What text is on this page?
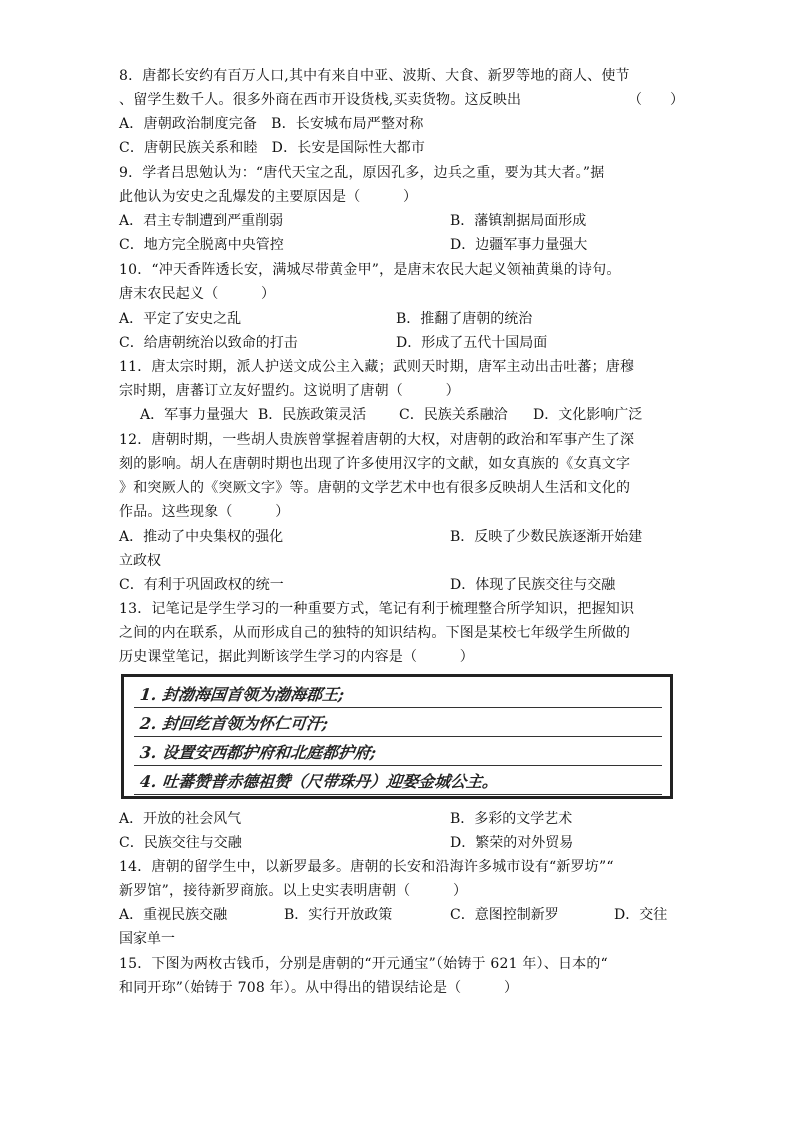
8．唐都长安约有百万人口,其中有来自中亚、波斯、大食、新罗等地的商人、使节
、留学生数千人。很多外商在西市开设货栈,买卖货物。这反映出	（　　）
A．唐朝政治制度完备 B．长安城布局严整对称
C．唐朝民族关系和睦 D．长安是国际性大都市
9．学者吕思勉认为：“唐代天宝之乱，原因孔多，边兵之重，要为其大者。”据
此他认为安史之乱爆发的主要原因是（　　　）
A．君主专制遭到严重削弱	B．藩镇割据局面形成
C．地方完全脱离中央管控	D．边疆军事力量强大
10．“冲天香阵透长安，满城尽带黄金甲”，是唐末农民大起义领袖黄巢的诗句。
唐末农民起义（　　　）
A．平定了安史之乱	B．推翻了唐朝的统治
C．给唐朝统治以致命的打击	D．形成了五代十国局面
11．唐太宗时期，派人护送文成公主入藏；武则天时期，唐军主动出击吐蕃；唐穆
宗时期，唐蕃订立友好盟约。这说明了唐朝（　　　）
A．军事力量强大 B．民族政策灵活 C．民族关系融洽 D．文化影响广泛
12．唐朝时期，一些胡人贵族曾掌握着唐朝的大权，对唐朝的政治和军事产生了深
刻的影响。胡人在唐朝时期也出现了许多使用汉字的文献，如女真族的《女真文字
》和突厥人的《突厥文字》等。唐朝的文学艺术中也有很多反映胡人生活和文化的
作品。这些现象（　　　）
A．推动了中央集权的强化	B．反映了少数民族逐渐开始建
立政权
C．有利于巩固政权的统一	D．体现了民族交往与交融
13．记笔记是学生学习的一种重要方式，笔记有利于梳理整合所学知识，把握知识
之间的内在联系，从而形成自己的独特的知识结构。下图是某校七年级学生所做的
历史课堂笔记，据此判断该学生学习的内容是（　　　）
1. 封渤海国首领为渤海郡王;
2. 封回纥首领为怀仁可汗;
3. 设置安西都护府和北庭都护府;
4. 吐蕃赞普赤德祖赞（尺带珠丹）迎娶金城公主。
A．开放的社会风气	B．多彩的文学艺术
C．民族交往与交融	D．繁荣的对外贸易
14．唐朝的留学生中，以新罗最多。唐朝的长安和沿海许多城市设有“新罗坊”“
新罗馆”，接待新罗商旅。以上史实表明唐朝（　　　）
A．重视民族交融	B．实行开放政策	C．意图控制新罗	D．交往
国家单一
15．下图为两枚古钱币，分别是唐朝的“开元通宝”（始铸于 621 年）、日本的“
和同开珎”（始铸于 708 年）。从中得出的错误结论是（　　　）
